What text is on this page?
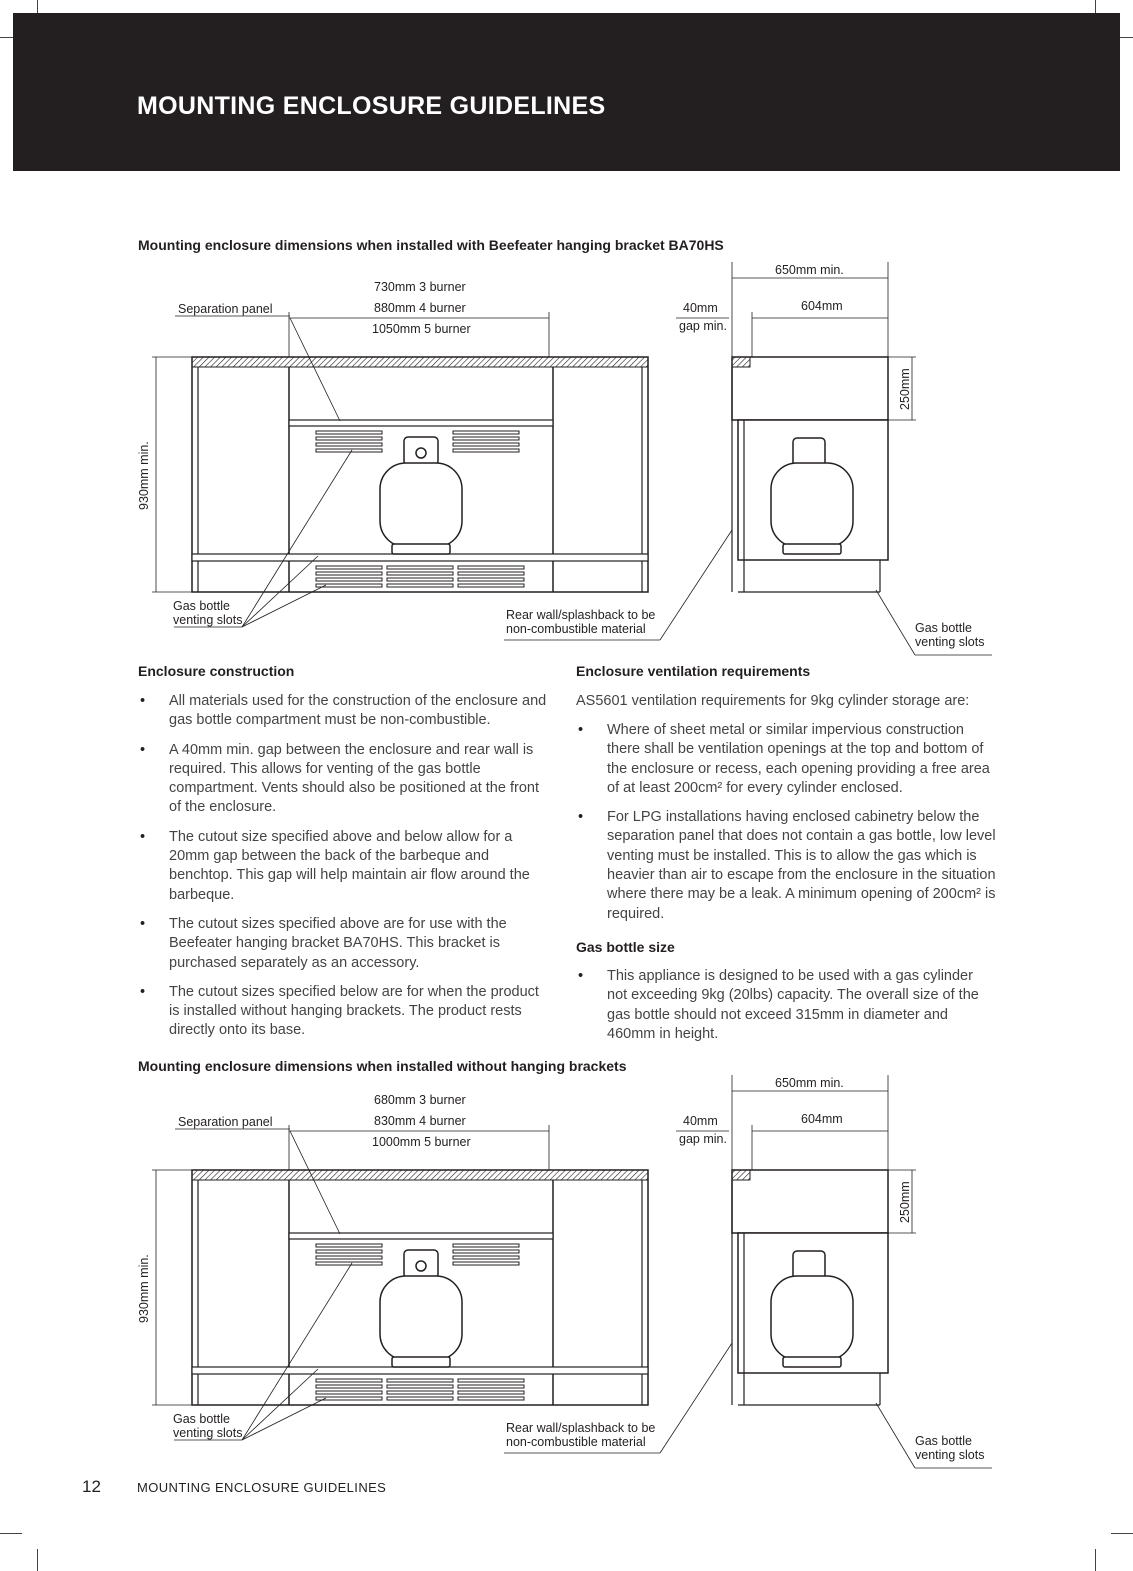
MOUNTING ENCLOSURE GUIDELINES
Mounting enclosure dimensions when installed with Beefeater hanging bracket BA70HS
730mm 3 burner
880mm 4 burner
1050mm 5 burner
Separation panel
930mm min.
Gas bottle
venting slots	Rear wall/splashback to be
non-combustible material
650mm min.
604mm
40mm
gap min.
250mm
Gas bottle
venting slots
Enclosure construction
• All materials used for the construction of the enclosure and gas bottle compartment must be non-combustible.
• A 40mm min. gap between the enclosure and rear wall is required. This allows for venting of the gas bottle compartment. Vents should also be positioned at the front of the enclosure.
• The cutout size specified above and below allow for a 20mm gap between the back of the barbeque and benchtop. This gap will help maintain air flow around the barbeque.
• The cutout sizes specified above are for use with the Beefeater hanging bracket BA70HS. This bracket is purchased separately as an accessory.
• The cutout sizes specified below are for when the product is installed without hanging brackets. The product rests directly onto its base.
Enclosure ventilation requirements
AS5601 ventilation requirements for 9kg cylinder storage are:
• Where of sheet metal or similar impervious construction there shall be ventilation openings at the top and bottom of the enclosure or recess, each opening providing a free area of at least 200cm² for every cylinder enclosed.
• For LPG installations having enclosed cabinetry below the separation panel that does not contain a gas bottle, low level venting must be installed. This is to allow the gas which is heavier than air to escape from the enclosure in the situation where there may be a leak. A minimum opening of 200cm² is required.
Gas bottle size
• This appliance is designed to be used with a gas cylinder not exceeding 9kg (20lbs) capacity. The overall size of the gas bottle should not exceed 315mm in diameter and 460mm in height.
Mounting enclosure dimensions when installed without hanging brackets
680mm 3 burner
830mm 4 burner
1000mm 5 burner
Separation panel
930mm min.
Gas bottle
venting slots	Rear wall/splashback to be
non-combustible material
650mm min.
604mm
40mm
gap min.
250mm
Gas bottle
venting slots
12	MOUNTING ENCLOSURE GUIDELINES
